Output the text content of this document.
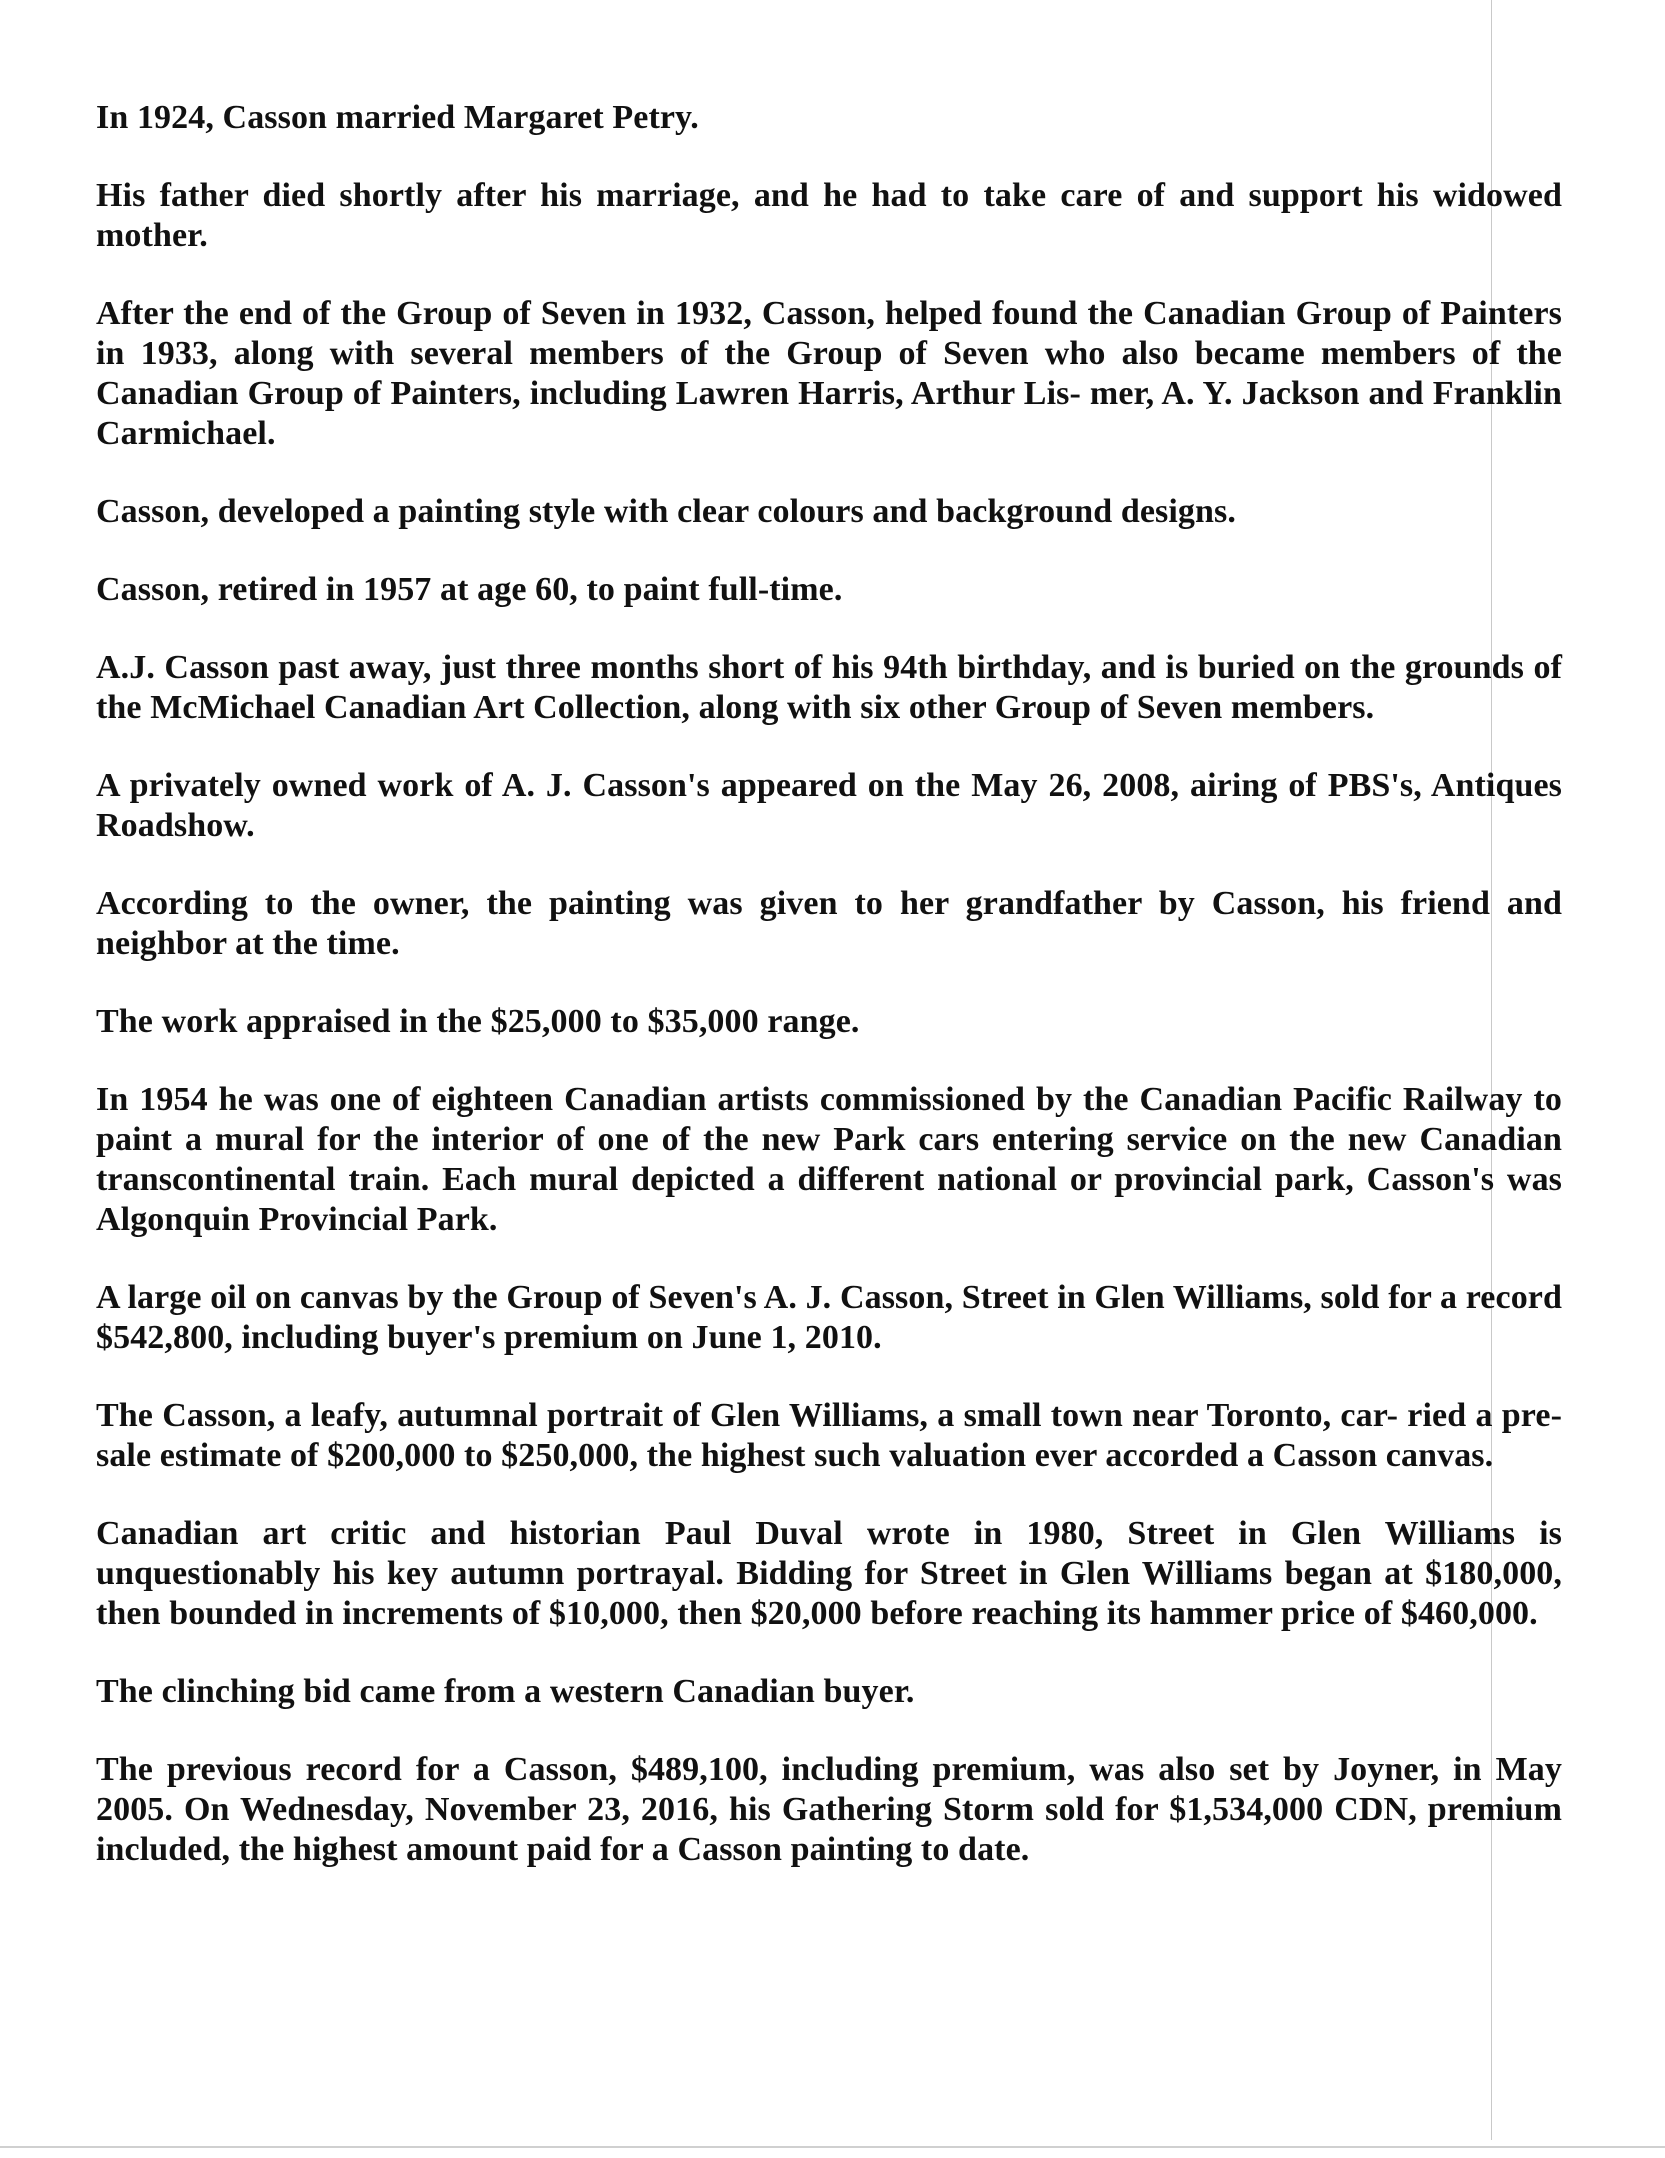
In 1924, Casson married Margaret Petry.

His father died shortly after his marriage, and he had to take care of and support his widowed mother.

After the end of the Group of Seven in 1932, Casson, helped found the Canadian Group of Painters in 1933, along with several members of the Group of Seven who also became members of the Canadian Group of Painters, including Lawren Harris, Arthur Lis- mer, A. Y. Jackson and Franklin Carmichael.

Casson, developed a painting style with clear colours and background designs.

Casson, retired in 1957 at age 60, to paint full-time.

A.J. Casson past away, just three months short of his 94th birthday, and is buried on the grounds of the McMichael Canadian Art Collection, along with six other Group of Seven members.

A privately owned work of A. J. Casson's appeared on the May 26, 2008, airing of PBS's, Antiques Roadshow.

According to the owner, the painting was given to her grandfather by Casson, his friend and neighbor at the time.

The work appraised in the $25,000 to $35,000 range.

In 1954 he was one of eighteen Canadian artists commissioned by the Canadian Pacific Railway to paint a mural for the interior of one of the new Park cars entering service on the new Canadian transcontinental train. Each mural depicted a different national or provincial park, Casson's was Algonquin Provincial Park.

A large oil on canvas by the Group of Seven's A. J. Casson, Street in Glen Williams, sold for a record $542,800, including buyer's premium on June 1, 2010.

The Casson, a leafy, autumnal portrait of Glen Williams, a small town near Toronto, car- ried a pre-sale estimate of $200,000 to $250,000, the highest such valuation ever accorded a Casson canvas.

Canadian art critic and historian Paul Duval wrote in 1980, Street in Glen Williams is unquestionably his key autumn portrayal. Bidding for Street in Glen Williams began at $180,000, then bounded in increments of $10,000, then $20,000 before reaching its hammer price of $460,000.

The clinching bid came from a western Canadian buyer.

The previous record for a Casson, $489,100, including premium, was also set by Joyner, in May 2005. On Wednesday, November 23, 2016, his Gathering Storm sold for $1,534,000 CDN, premium included, the highest amount paid for a Casson painting to date.
